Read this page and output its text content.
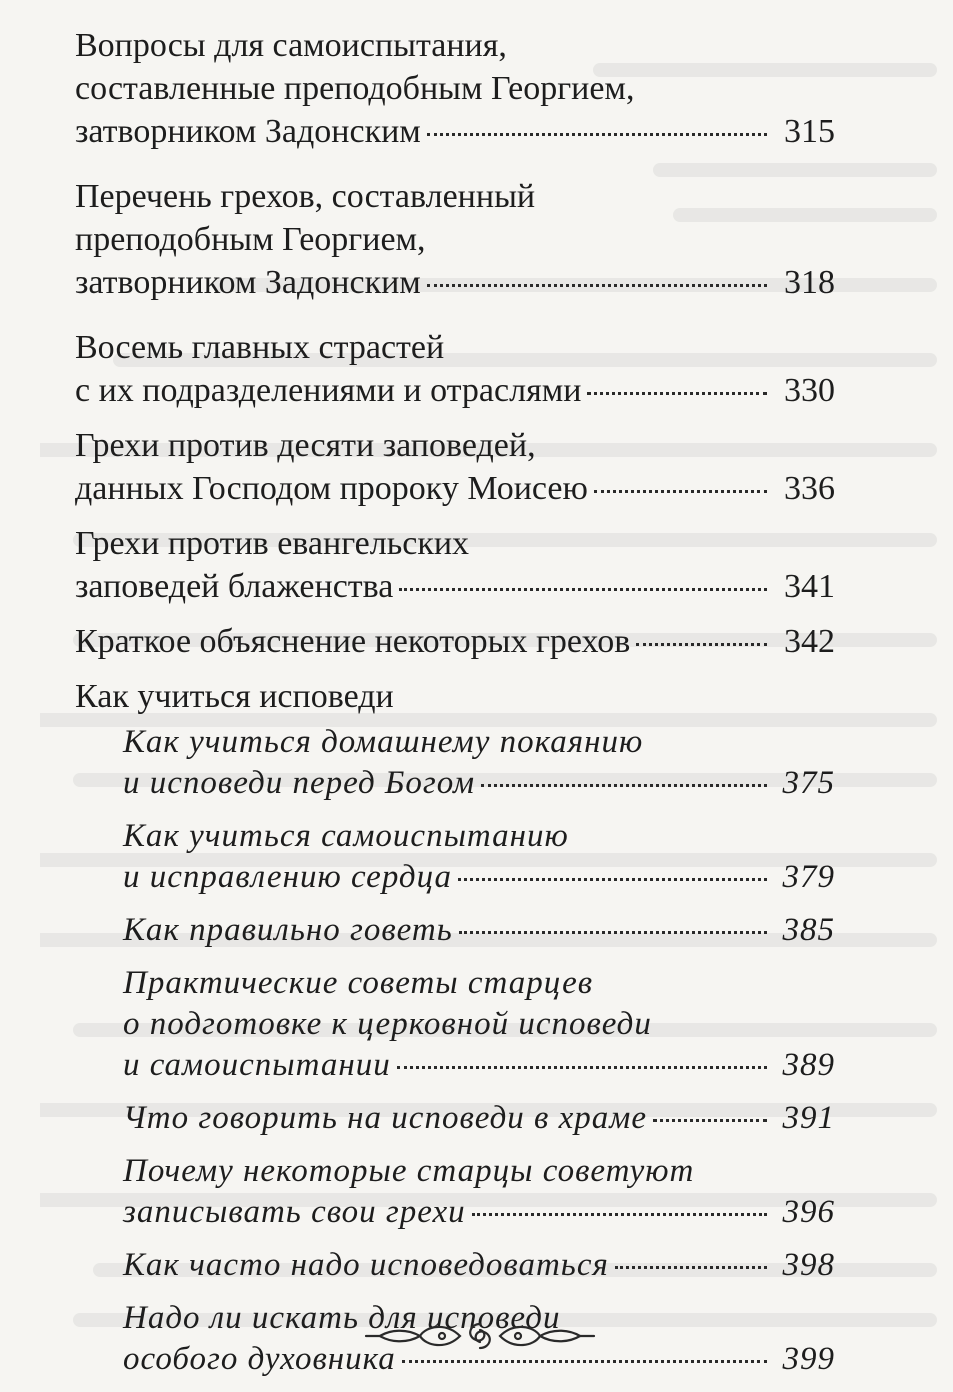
Вопросы для самоиспытания,
составленные преподобным Георгием,
затворником Задонским	315
Перечень грехов, составленный
преподобным Георгием,
затворником Задонским	318
Восемь главных страстей
с их подразделениями и отраслями	330
Грехи против десяти заповедей,
данных Господом пророку Моисею	336
Грехи против евангельских
заповедей блаженства	341
Краткое объяснение некоторых грехов	342
Как учиться исповеди
Как учиться домашнему покаянию
и исповеди перед Богом	375
Как учиться самоиспытанию
и исправлению сердца	379
Как правильно говеть	385
Практические советы старцев
о подготовке к церковной исповеди
и самоиспытании	389
Что говорить на исповеди в храме	391
Почему некоторые старцы советуют
записывать свои грехи	396
Как часто надо исповедоваться	398
Надо ли искать для исповеди
особого духовника	399
